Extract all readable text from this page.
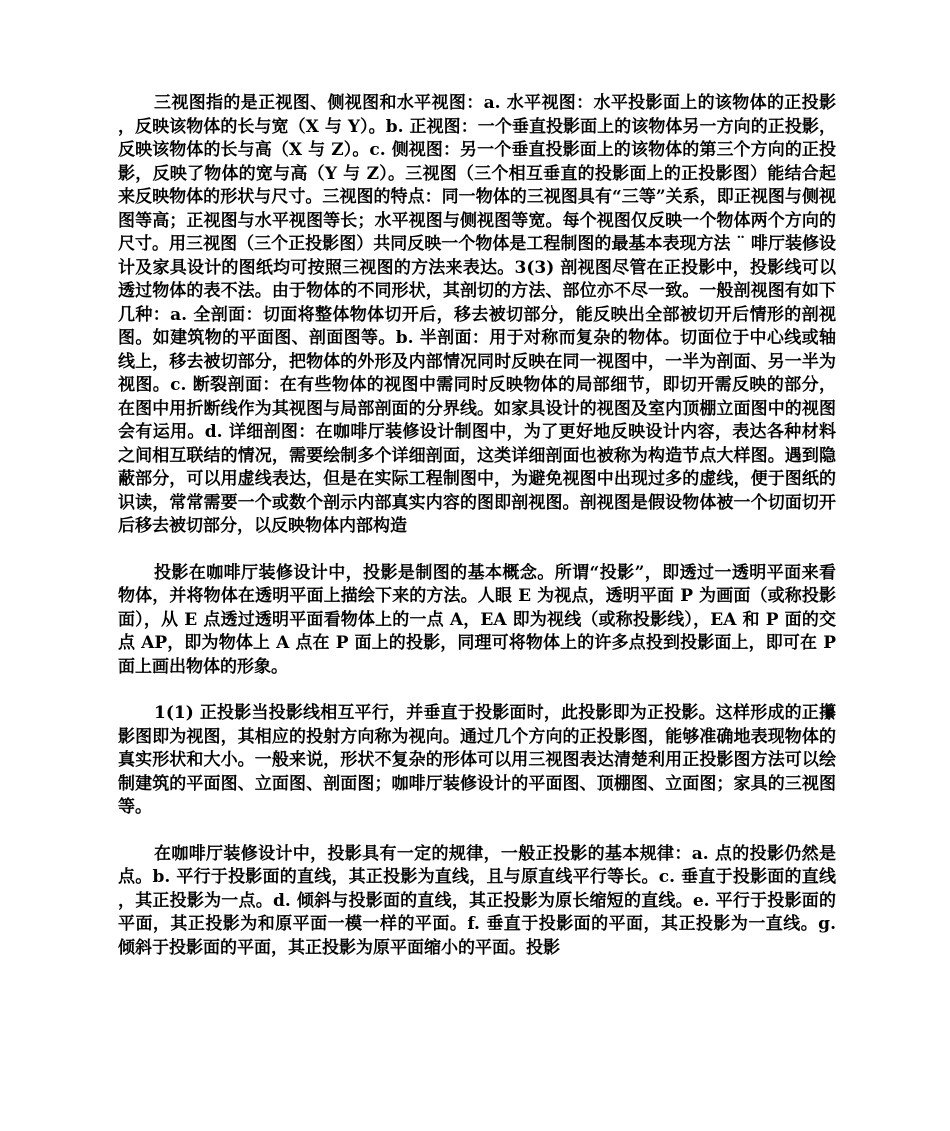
三视图指的是正视图、侧视图和水平视图：a. 水平视图：水平投影面上的该物体的正投影，反映该物体的长与宽（X 与 Y）。b. 正视图：一个垂直投影面上的该物体另一方向的正投影，反映该物体的长与高（X 与 Z）。c. 侧视图：另一个垂直投影面上的该物体的第三个方向的正投影，反映了物体的宽与高（Y 与 Z）。三视图（三个相互垂直的投影面上的正投影图）能结合起来反映物体的形状与尺寸。三视图的特点：同一物体的三视图具有“三等”关系，即正视图与侧视图等高；正视图与水平视图等长；水平视图与侧视图等宽。每个视图仅反映一个物体两个方向的尺寸。用三视图（三个正投影图）共同反映一个物体是工程制图的最基本表现方法 ¨ 啡厅装修设计及家具设计的图纸均可按照三视图的方法来表达。3(3) 剖视图尽管在正投影中，投影线可以透过物体的表不法。由于物体的不同形状，其剖切的方法、部位亦不尽一致。一般剖视图有如下几种：a. 全剖面：切面将整体物体切开后，移去被切部分，能反映出全部被切开后情形的剖视图。如建筑物的平面图、剖面图等。b. 半剖面：用于对称而复杂的物体。切面位于中心线或轴线上，移去被切部分，把物体的外形及内部情况同时反映在同一视图中，一半为剖面、另一半为视图。c. 断裂剖面：在有些物体的视图中需同时反映物体的局部细节，即切开需反映的部分，在图中用折断线作为其视图与局部剖面的分界线。如家具设计的视图及室内顶棚立面图中的视图会有运用。d. 详细剖图：在咖啡厅装修设计制图中，为了更好地反映设计内容，表达各种材料之间相互联结的情况，需要绘制多个详细剖面，这类详细剖面也被称为构造节点大样图。遇到隐蔽部分，可以用虚线表达，但是在实际工程制图中，为避免视图中出现过多的虚线，便于图纸的识读，常常需要一个或数个剖示内部真实内容的图即剖视图。剖视图是假设物体被一个切面切开后移去被切部分，以反映物体内部构造

投影在咖啡厅装修设计中，投影是制图的基本概念。所谓“投影”，即透过一透明平面来看物体，并将物体在透明平面上描绘下来的方法。人眼 E 为视点，透明平面 P 为画面（或称投影面），从 E 点透过透明平面看物体上的一点 A，EA 即为视线（或称投影线），EA 和 P 面的交点 AP，即为物体上 A 点在 P 面上的投影，同理可将物体上的许多点投到投影面上，即可在 P 面上画出物体的形象。

1(1) 正投影当投影线相互平行，并垂直于投影面时，此投影即为正投影。这样形成的正攥影图即为视图，其相应的投射方向称为视向。通过几个方向的正投影图，能够准确地表现物体的真实形状和大小。一般来说，形状不复杂的形体可以用三视图表达清楚利用正投影图方法可以绘制建筑的平面图、立面图、剖面图；咖啡厅装修设计的平面图、顶棚图、立面图；家具的三视图等。

在咖啡厅装修设计中，投影具有一定的规律，一般正投影的基本规律：a. 点的投影仍然是点。b. 平行于投影面的直线，其正投影为直线，且与原直线平行等长。c. 垂直于投影面的直线，其正投影为一点。d. 倾斜与投影面的直线，其正投影为原长缩短的直线。e. 平行于投影面的平面，其正投影为和原平面一模一样的平面。f. 垂直于投影面的平面，其正投影为一直线。g. 倾斜于投影面的平面，其正投影为原平面缩小的平面。投影
